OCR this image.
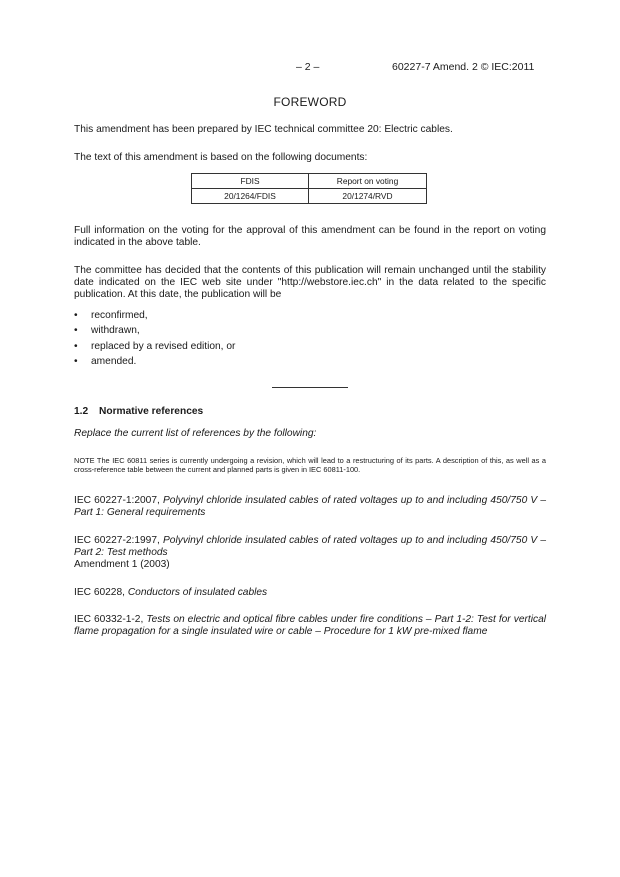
– 2 –	60227-7 Amend. 2 © IEC:2011
FOREWORD
This amendment has been prepared by IEC technical committee 20: Electric cables.
The text of this amendment is based on the following documents:
FDIS	Report on voting
20/1264/FDIS	20/1274/RVD
Full information on the voting for the approval of this amendment can be found in the report on voting indicated in the above table.
The committee has decided that the contents of this publication will remain unchanged until the stability date indicated on the IEC web site under "http://webstore.iec.ch" in the data related to the specific publication. At this date, the publication will be
• reconfirmed,
• withdrawn,
• replaced by a revised edition, or
• amended.
1.2 Normative references
Replace the current list of references by the following:
NOTE The IEC 60811 series is currently undergoing a revision, which will lead to a restructuring of its parts. A description of this, as well as a cross-reference table between the current and planned parts is given in IEC 60811-100.
IEC 60227-1:2007, Polyvinyl chloride insulated cables of rated voltages up to and including 450/750 V – Part 1: General requirements
IEC 60227-2:1997, Polyvinyl chloride insulated cables of rated voltages up to and including 450/750 V – Part 2: Test methods
Amendment 1 (2003)
IEC 60228, Conductors of insulated cables
IEC 60332-1-2, Tests on electric and optical fibre cables under fire conditions – Part 1-2: Test for vertical flame propagation for a single insulated wire or cable – Procedure for 1 kW pre-mixed flame
